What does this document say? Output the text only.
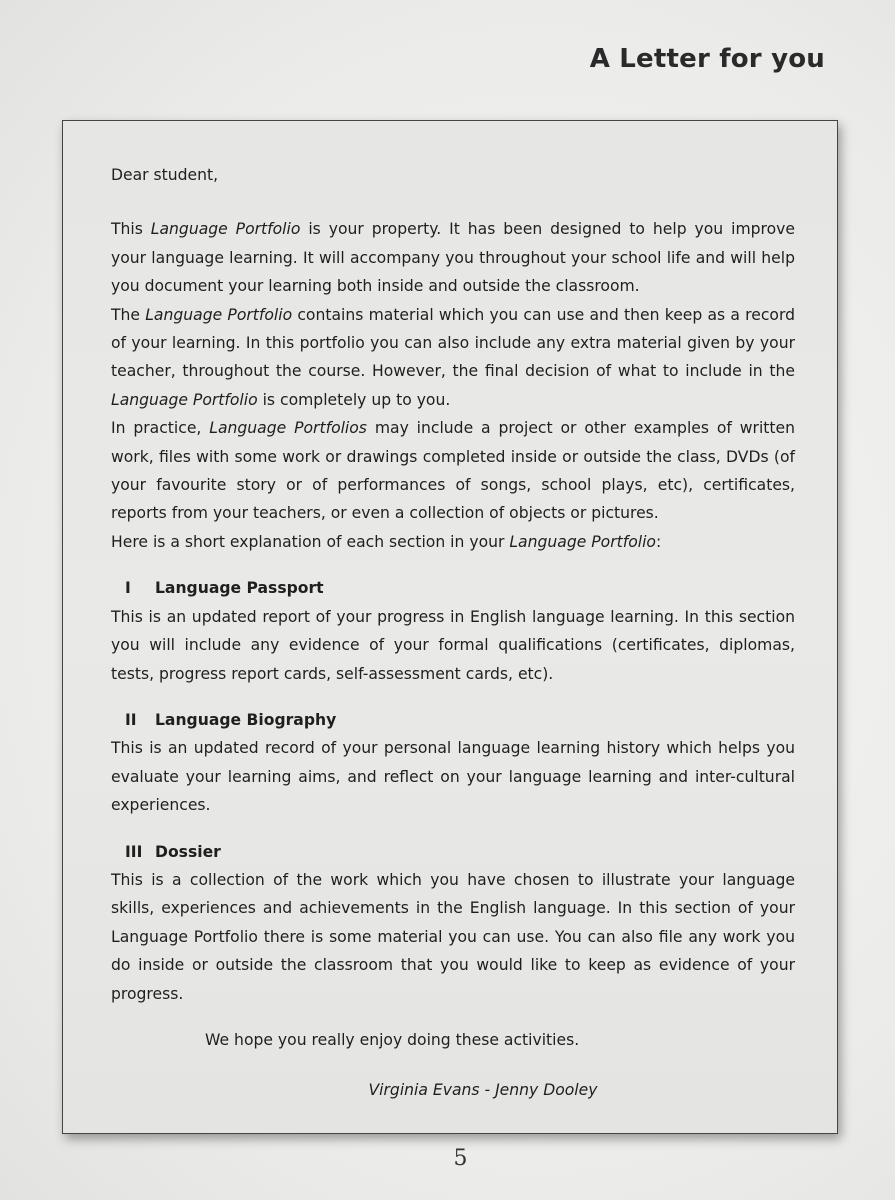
A Letter for you

Dear student,

This Language Portfolio is your property. It has been designed to help you improve your language learning. It will accompany you throughout your school life and will help you document your learning both inside and outside the classroom.

The Language Portfolio contains material which you can use and then keep as a record of your learning. In this portfolio you can also include any extra material given by your teacher, throughout the course. However, the final decision of what to include in the Language Portfolio is completely up to you.

In practice, Language Portfolios may include a project or other examples of written work, files with some work or drawings completed inside or outside the class, DVDs (of your favourite story or of performances of songs, school plays, etc), certificates, reports from your teachers, or even a collection of objects or pictures.

Here is a short explanation of each section in your Language Portfolio:

I Language Passport

This is an updated report of your progress in English language learning. In this section you will include any evidence of your formal qualifications (certificates, diplomas, tests, progress report cards, self-assessment cards, etc).

II Language Biography

This is an updated record of your personal language learning history which helps you evaluate your learning aims, and reflect on your language learning and inter-cultural experiences.

III Dossier

This is a collection of the work which you have chosen to illustrate your language skills, experiences and achievements in the English language. In this section of your Language Portfolio there is some material you can use. You can also file any work you do inside or outside the classroom that you would like to keep as evidence of your progress.

We hope you really enjoy doing these activities.

Virginia Evans - Jenny Dooley

5
